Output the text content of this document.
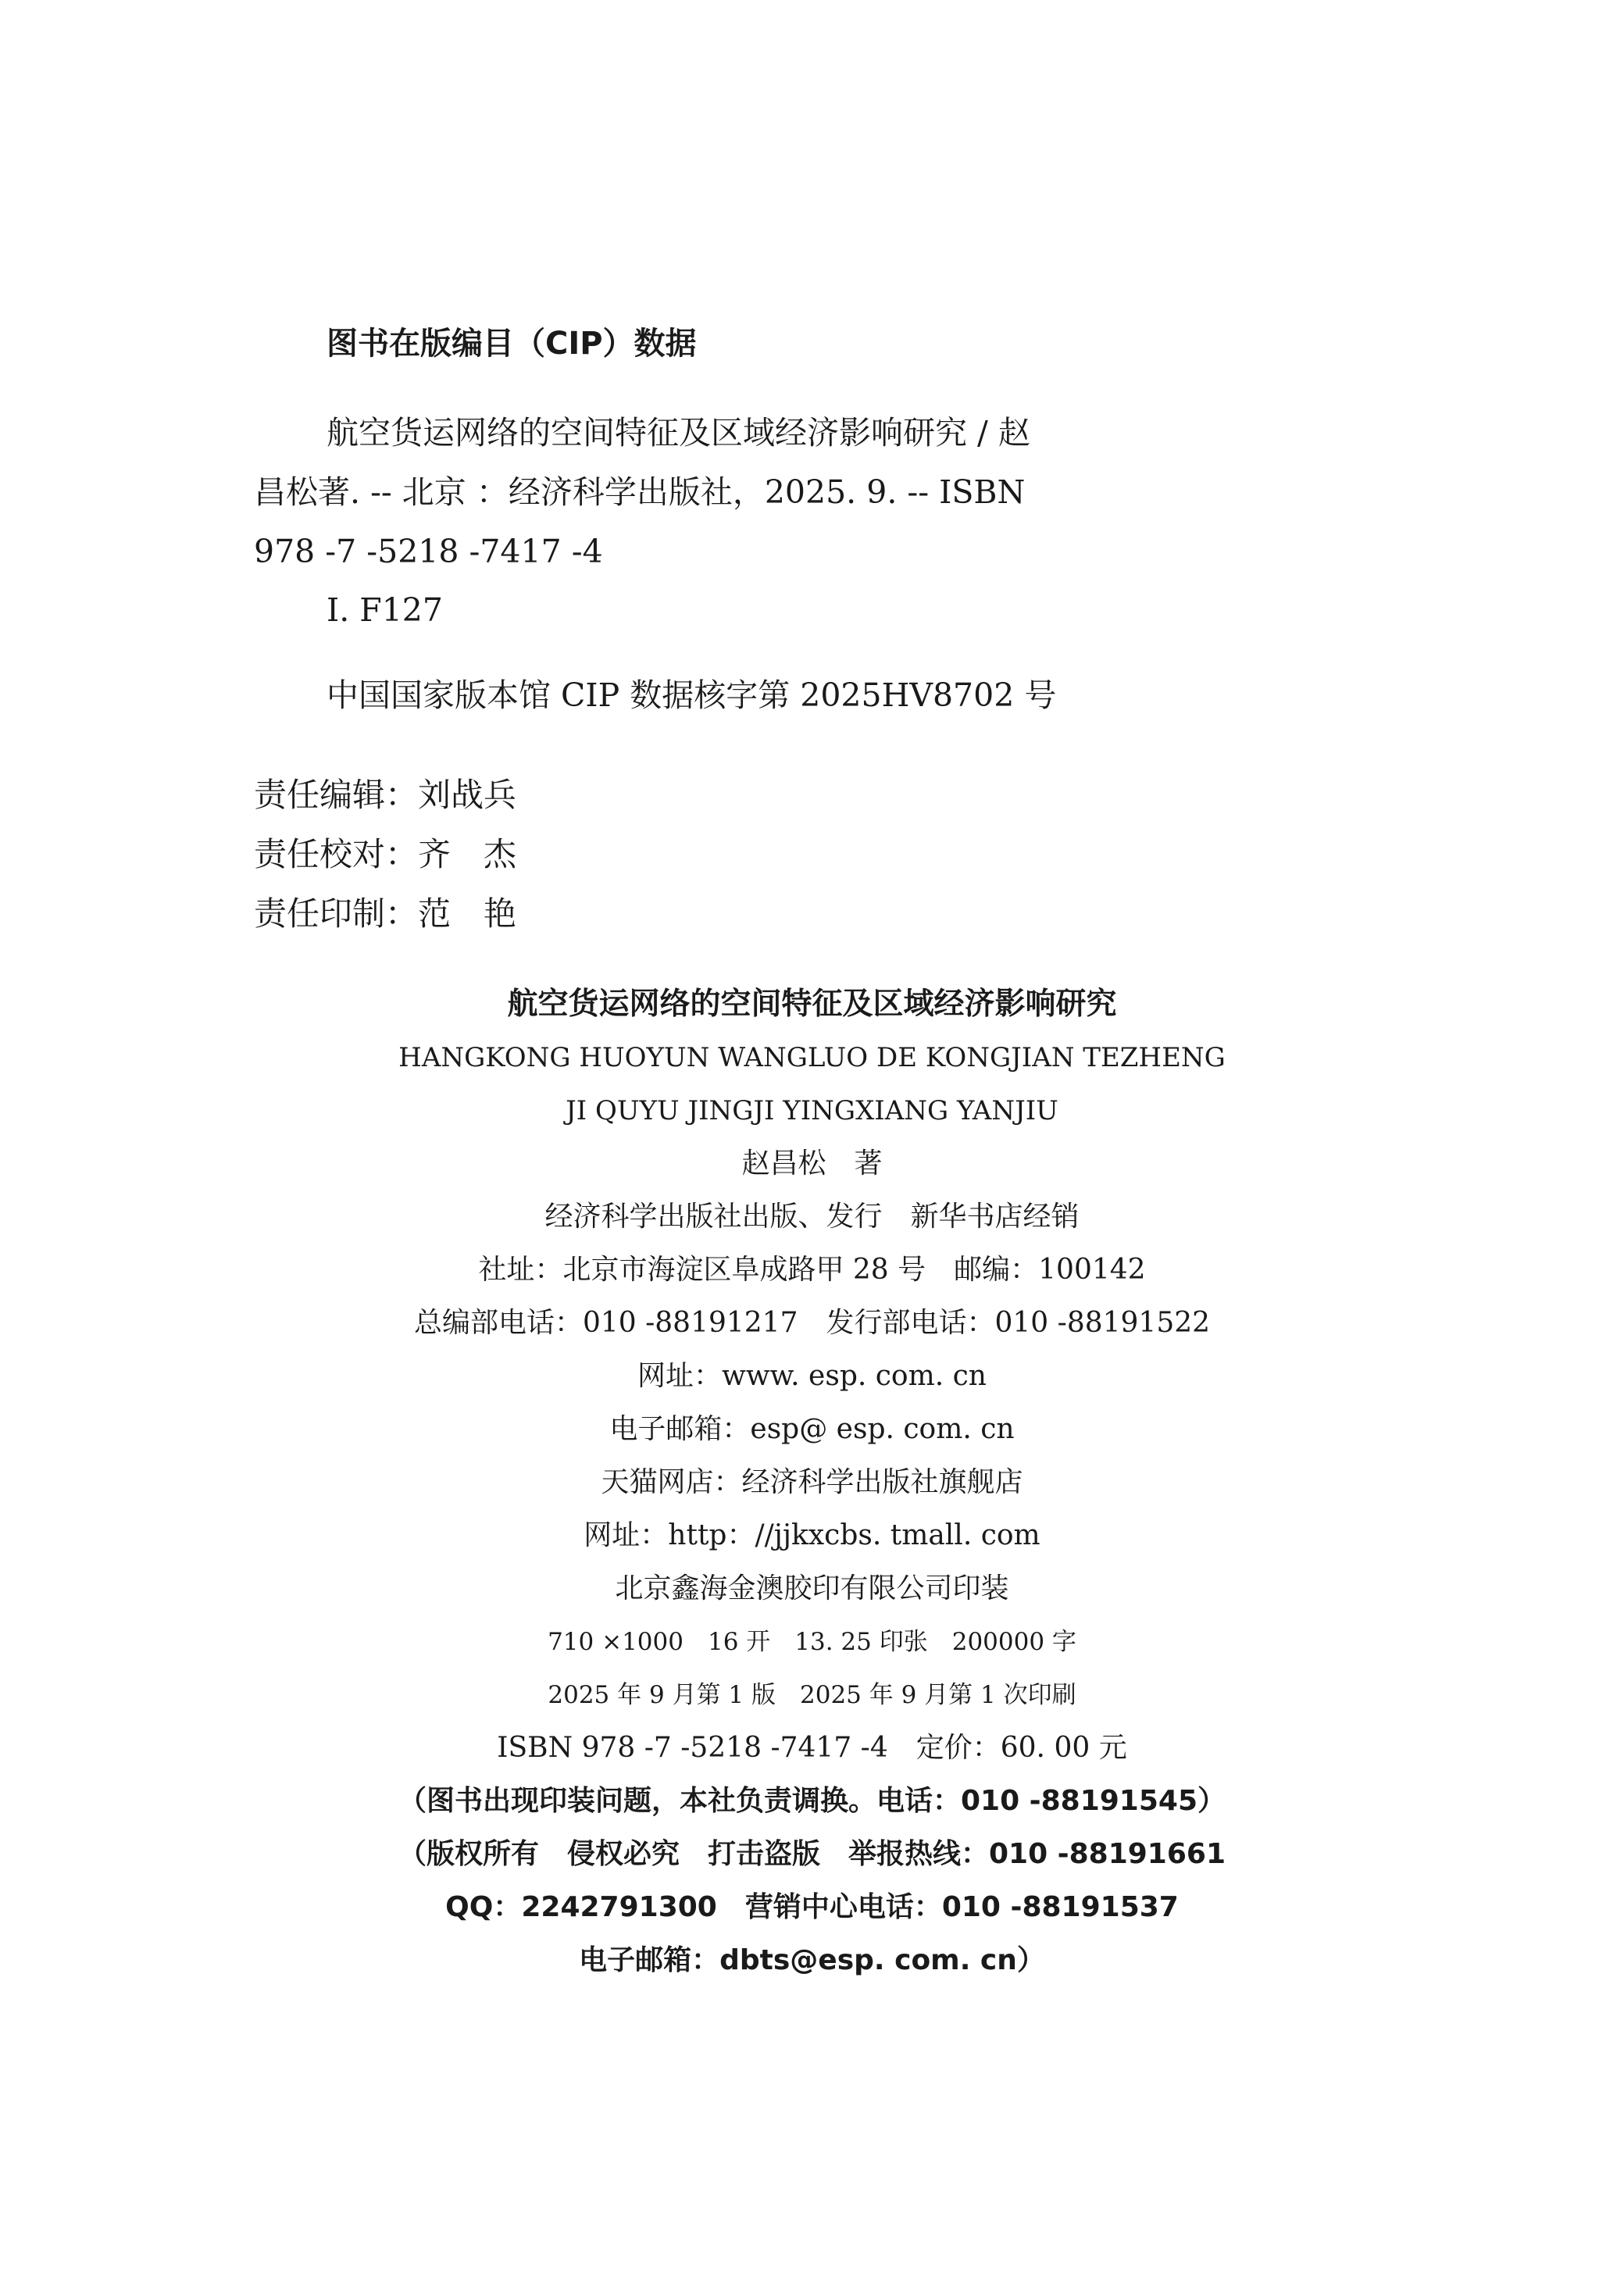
图书在版编目（CIP）数据
航空货运网络的空间特征及区域经济影响研究 / 赵
昌松著. -- 北京 ：经济科学出版社，2025. 9. -- ISBN
978 -7 -5218 -7417 -4
Ⅰ. F127
中国国家版本馆 CIP 数据核字第 2025HV8702 号
责任编辑：刘战兵
责任校对：齐　杰
责任印制：范　艳
航空货运网络的空间特征及区域经济影响研究
HANGKONG HUOYUN WANGLUO DE KONGJIAN TEZHENG
JI QUYU JINGJI YINGXIANG YANJIU
赵昌松　著
经济科学出版社出版、发行　新华书店经销
社址：北京市海淀区阜成路甲 28 号　邮编：100142
总编部电话：010 -88191217　发行部电话：010 -88191522
网址：www. esp. com. cn
电子邮箱：esp@ esp. com. cn
天猫网店：经济科学出版社旗舰店
网址：http：//jjkxcbs. tmall. com
北京鑫海金澳胶印有限公司印装
710 ×1000　16 开　13. 25 印张　200000 字
2025 年 9 月第 1 版　2025 年 9 月第 1 次印刷
ISBN 978 -7 -5218 -7417 -4　定价：60. 00 元
（图书出现印装问题，本社负责调换。电话：010 -88191545）
（版权所有　侵权必究　打击盗版　举报热线：010 -88191661
QQ：2242791300　营销中心电话：010 -88191537
电子邮箱：dbts@esp. com. cn）
